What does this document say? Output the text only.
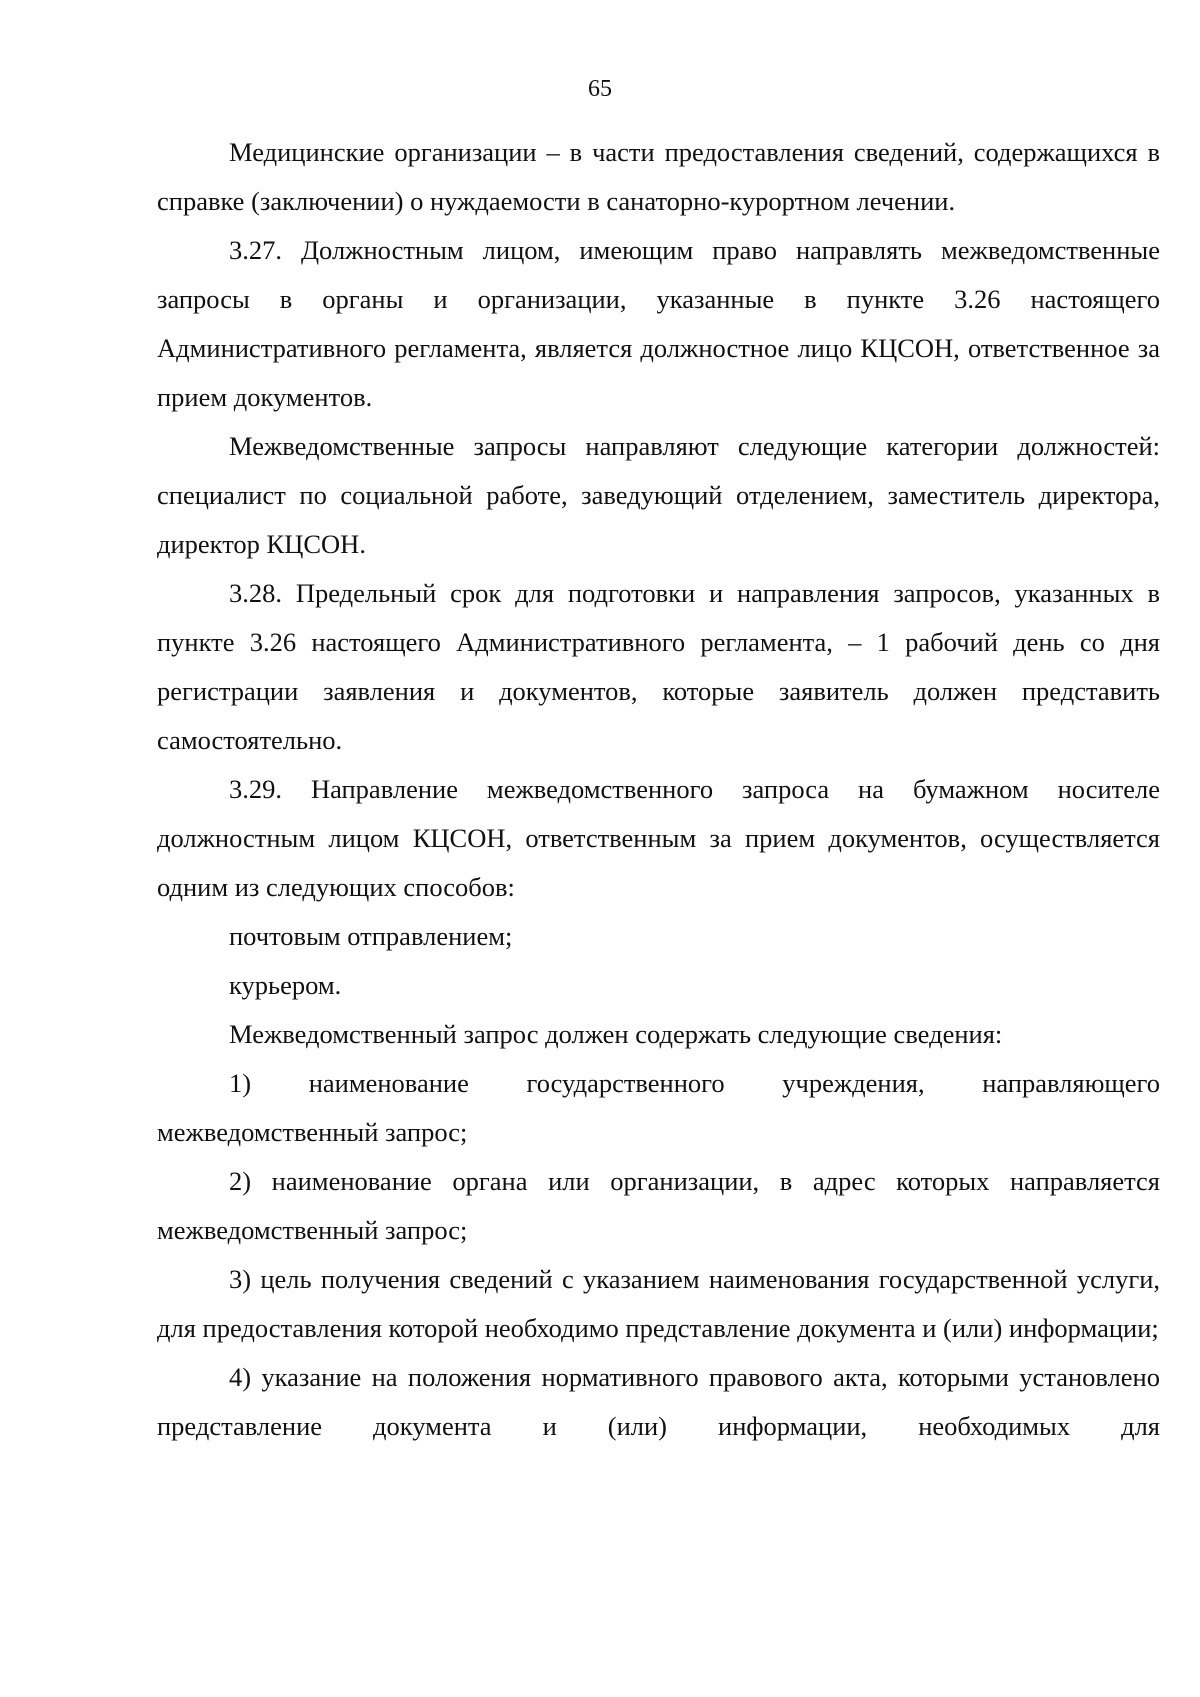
65

Медицинские организации – в части предоставления сведений, содержащихся в справке (заключении) о нуждаемости в санаторно-курортном лечении.

3.27. Должностным лицом, имеющим право направлять межведомственные запросы в органы и организации, указанные в пункте 3.26 настоящего Административного регламента, является должностное лицо КЦСОН, ответственное за прием документов.

Межведомственные запросы направляют следующие категории должностей: специалист по социальной работе, заведующий отделением, заместитель директора, директор КЦСОН.

3.28. Предельный срок для подготовки и направления запросов, указанных в пункте 3.26 настоящего Административного регламента, – 1 рабочий день со дня регистрации заявления и документов, которые заявитель должен представить самостоятельно.

3.29. Направление межведомственного запроса на бумажном носителе должностным лицом КЦСОН, ответственным за прием документов, осуществляется одним из следующих способов:

почтовым отправлением;

курьером.

Межведомственный запрос должен содержать следующие сведения:

1) наименование государственного учреждения, направляющего межведомственный запрос;

2) наименование органа или организации, в адрес которых направляется межведомственный запрос;

3) цель получения сведений с указанием наименования государственной услуги, для предоставления которой необходимо представление документа и (или) информации;

4) указание на положения нормативного правового акта, которыми установлено представление документа и (или) информации, необходимых для
